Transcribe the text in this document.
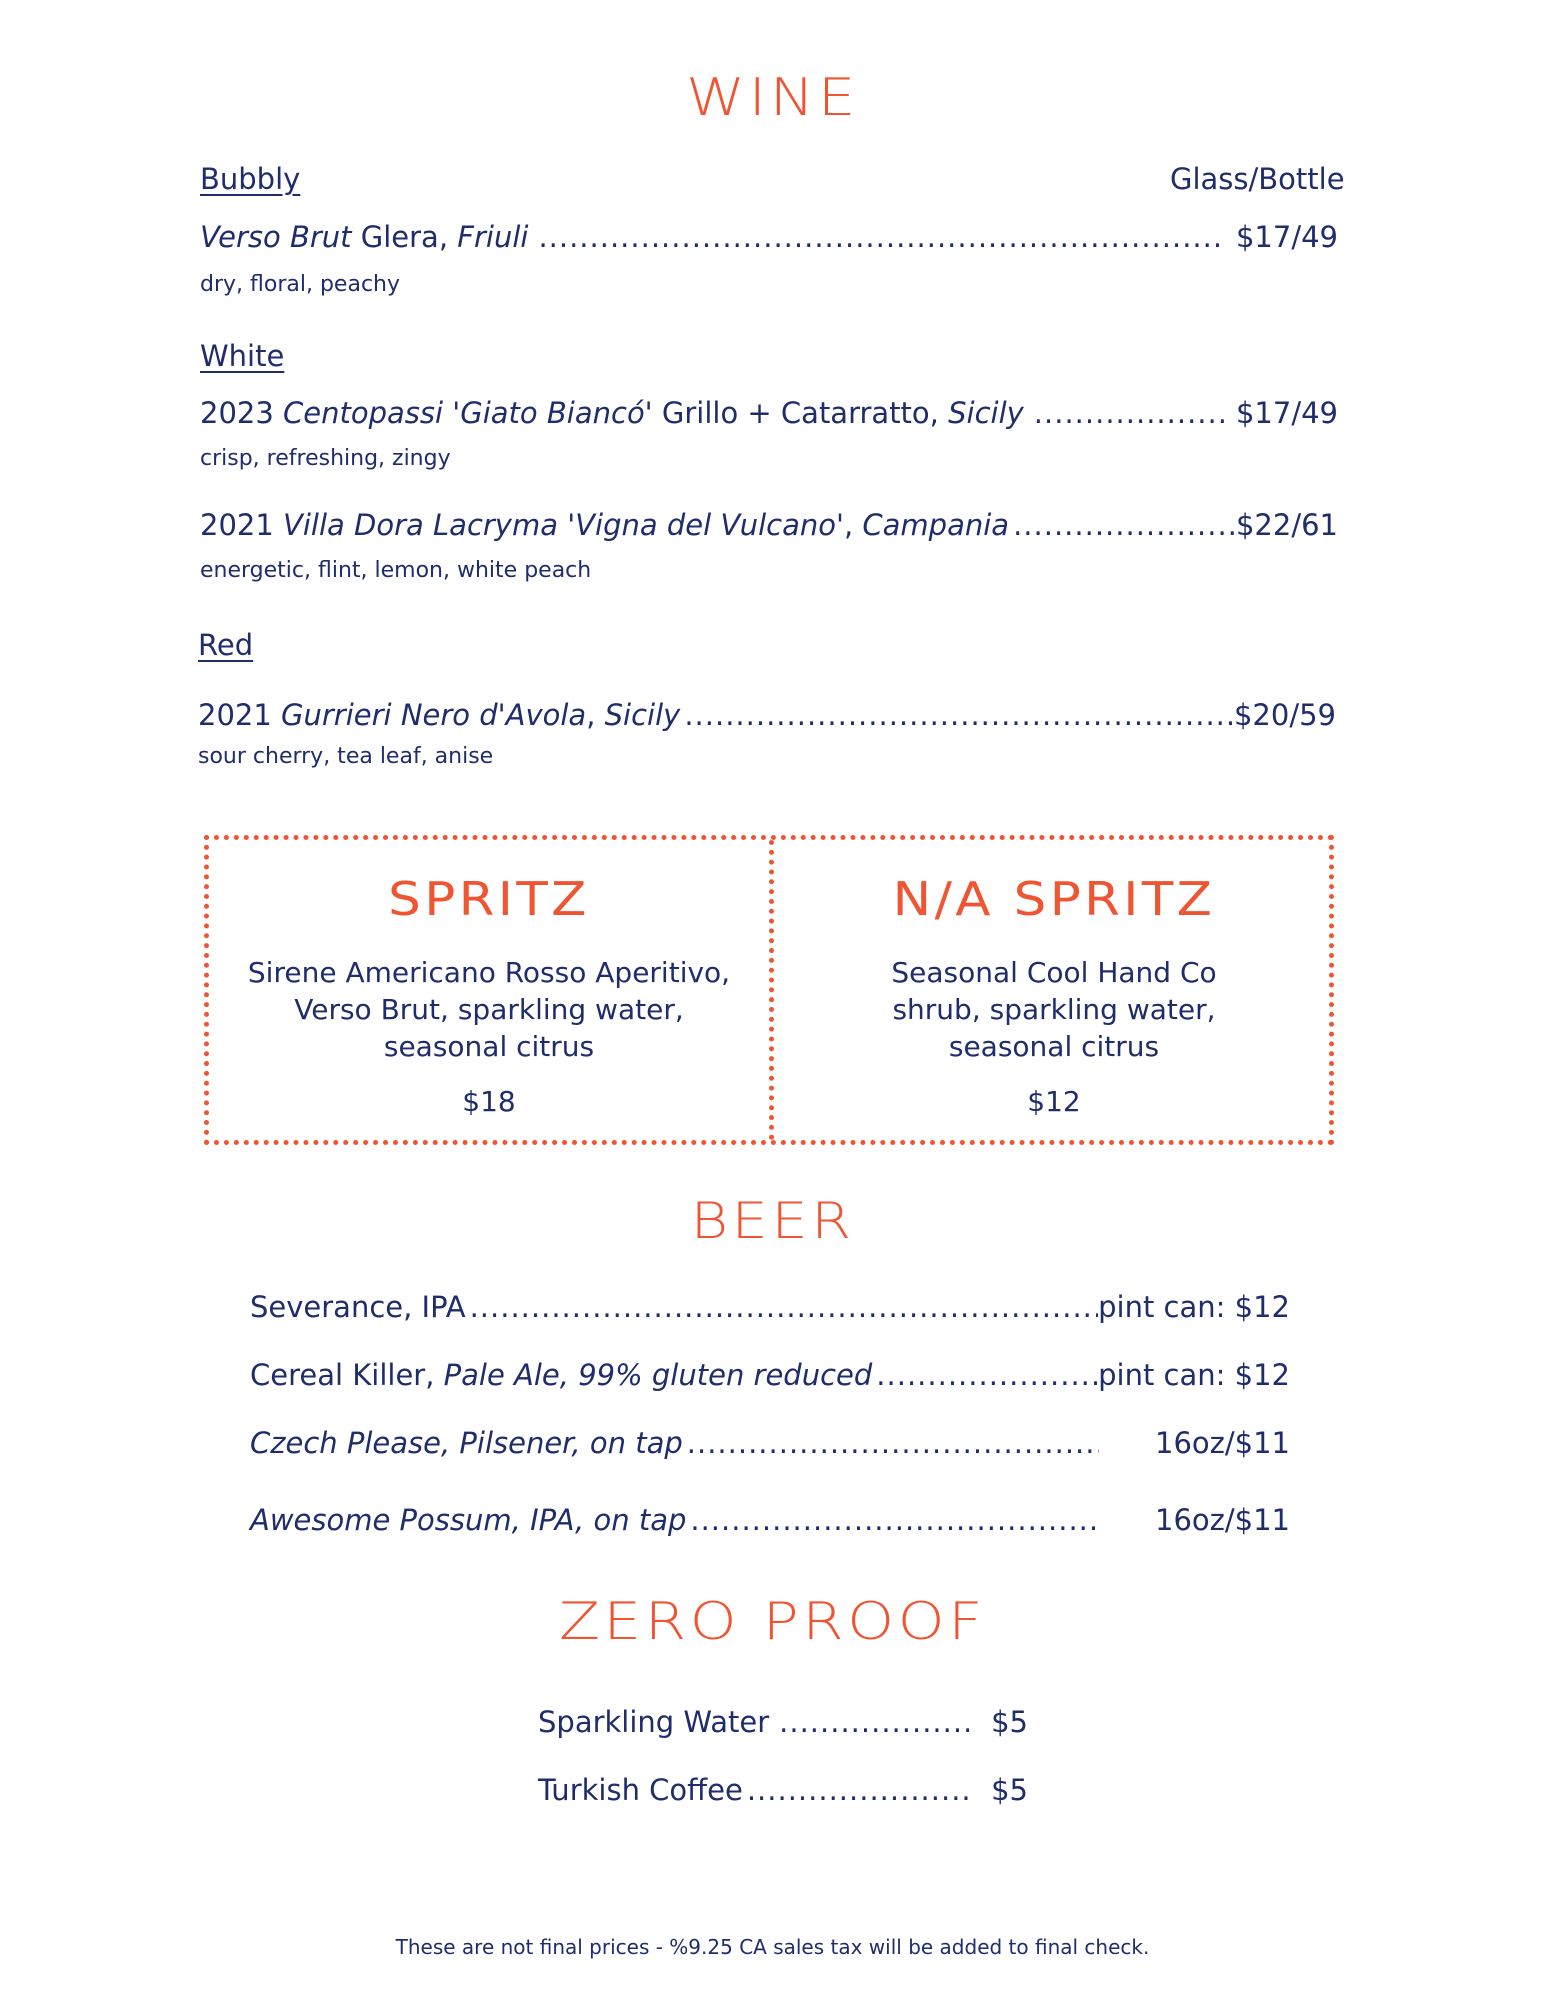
WINE
Bubbly	Glass/Bottle
Verso Brut Glera, Friuli .....	$17/49
dry, floral, peachy
White
2023 Centopassi 'Giato Biancó' Grillo + Catarratto, Sicily .....	$17/49
crisp, refreshing, zingy
2021 Villa Dora Lacryma 'Vigna del Vulcano', Campania .....	$22/61
energetic, flint, lemon, white peach
Red
2021 Gurrieri Nero d'Avola, Sicily .....	$20/59
sour cherry, tea leaf, anise
SPRITZ
Sirene Americano Rosso Aperitivo,
Verso Brut, sparkling water,
seasonal citrus
$18
N/A SPRITZ
Seasonal Cool Hand Co
shrub, sparkling water,
seasonal citrus
$12
BEER
Severance, IPA .....	pint can: $12
Cereal Killer, Pale Ale, 99% gluten reduced .....	pint can: $12
Czech Please, Pilsener, on tap .....	16oz/$11
Awesome Possum, IPA, on tap .....	16oz/$11
ZERO PROOF
Sparkling Water .....	$5
Turkish Coffee .....	$5
These are not final prices - %9.25 CA sales tax will be added to final check.
